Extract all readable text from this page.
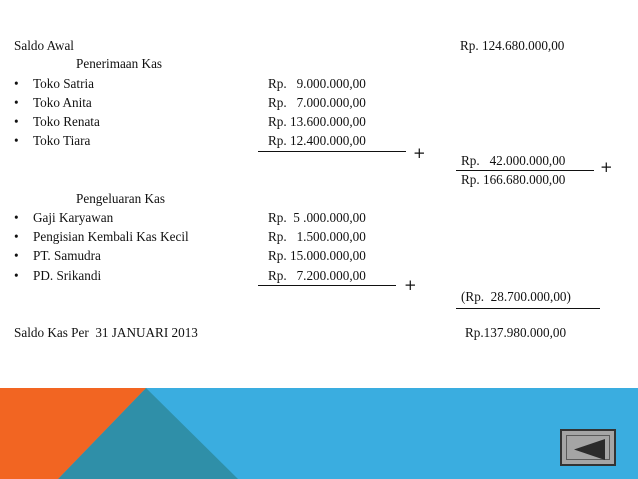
Saldo Awal	Rp. 124.680.000,00
Penerimaan Kas
• Toko Satria	Rp.   9.000.000,00
• Toko Anita	Rp.   7.000.000,00
• Toko Renata	Rp. 13.600.000,00
• Toko Tiara	Rp. 12.400.000,00
+	Rp.   42.000.000,00 +
Rp. 166.680.000,00
Pengeluaran Kas
• Gaji Karyawan	Rp.  5 .000.000,00
• Pengisian Kembali Kas Kecil	Rp.   1.500.000,00
• PT. Samudra	Rp. 15.000.000,00
• PD. Srikandi	Rp.   7.200.000,00
+
(Rp.  28.700.000,00)
Saldo Kas Per  31 JANUARI 2013	Rp.137.980.000,00
